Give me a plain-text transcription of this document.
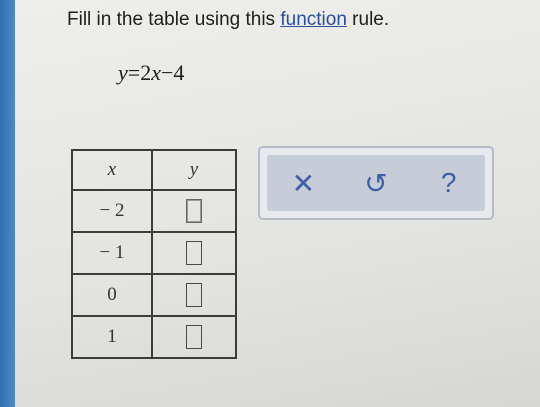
Fill in the table using this function rule.
y=2x−4
x	y
− 2	
− 1	
0	
1	
✕ ↺ ?
